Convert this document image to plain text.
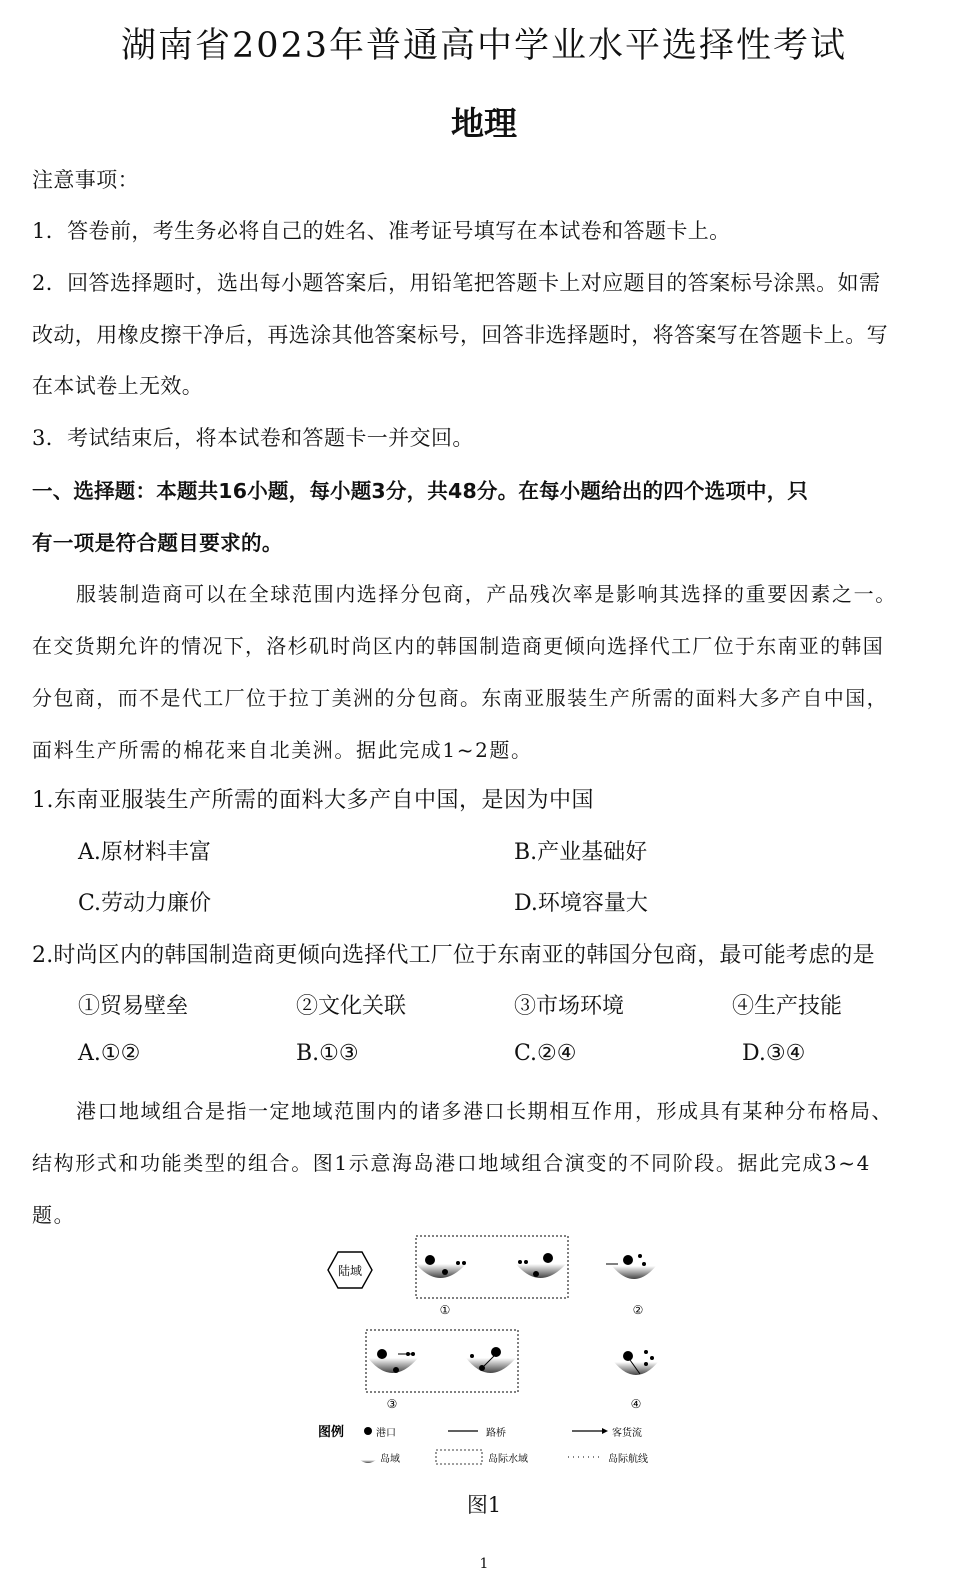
湖南省2023年普通高中学业水平选择性考试
地理
注意事项：
1．答卷前，考生务必将自己的姓名、准考证号填写在本试卷和答题卡上。
2．回答选择题时，选出每小题答案后，用铅笔把答题卡上对应题目的答案标号涂黑。如需
改动，用橡皮擦干净后，再选涂其他答案标号，回答非选择题时，将答案写在答题卡上。写
在本试卷上无效。
3．考试结束后，将本试卷和答题卡一并交回。
一、选择题：本题共16小题，每小题3分，共48分。在每小题给出的四个选项中，只
有一项是符合题目要求的。
服装制造商可以在全球范围内选择分包商，产品残次率是影响其选择的重要因素之一。
在交货期允许的情况下，洛杉矶时尚区内的韩国制造商更倾向选择代工厂位于东南亚的韩国
分包商，而不是代工厂位于拉丁美洲的分包商。东南亚服装生产所需的面料大多产自中国，
面料生产所需的棉花来自北美洲。据此完成1~2题。
1.东南亚服装生产所需的面料大多产自中国，是因为中国
A.原材料丰富	B.产业基础好
C.劳动力廉价	D.环境容量大
2.时尚区内的韩国制造商更倾向选择代工厂位于东南亚的韩国分包商，最可能考虑的是
①贸易壁垒	②文化关联	③市场环境	④生产技能
A.①②	B.①③	C.②④	D.③④
港口地域组合是指一定地域范围内的诸多港口长期相互作用，形成具有某种分布格局、
结构形式和功能类型的组合。图1示意海岛港口地域组合演变的不同阶段。据此完成3~4
题。
陆域
①	②
③	④
图例	港口	路桥	客货流
岛域	岛际水域	岛际航线
图1
1
